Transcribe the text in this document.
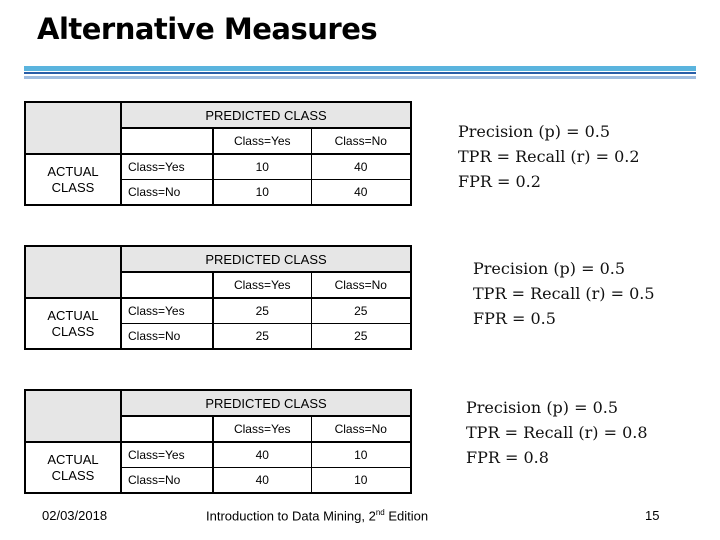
Alternative Measures
	PREDICTED CLASS		
		Class=Yes	Class=No
ACTUAL CLASS	Class=Yes	10	40
	Class=No	10	40
Precision (p) = 0.5
TPR = Recall (r) = 0.2
FPR = 0.2
	PREDICTED CLASS		
		Class=Yes	Class=No
ACTUAL CLASS	Class=Yes	25	25
	Class=No	25	25
Precision (p) = 0.5
TPR = Recall (r) = 0.5
FPR = 0.5
	PREDICTED CLASS		
		Class=Yes	Class=No
ACTUAL CLASS	Class=Yes	40	10
	Class=No	40	10
Precision (p) = 0.5
TPR = Recall (r) = 0.8
FPR = 0.8
02/03/2018	Introduction to Data Mining, 2nd Edition	15
